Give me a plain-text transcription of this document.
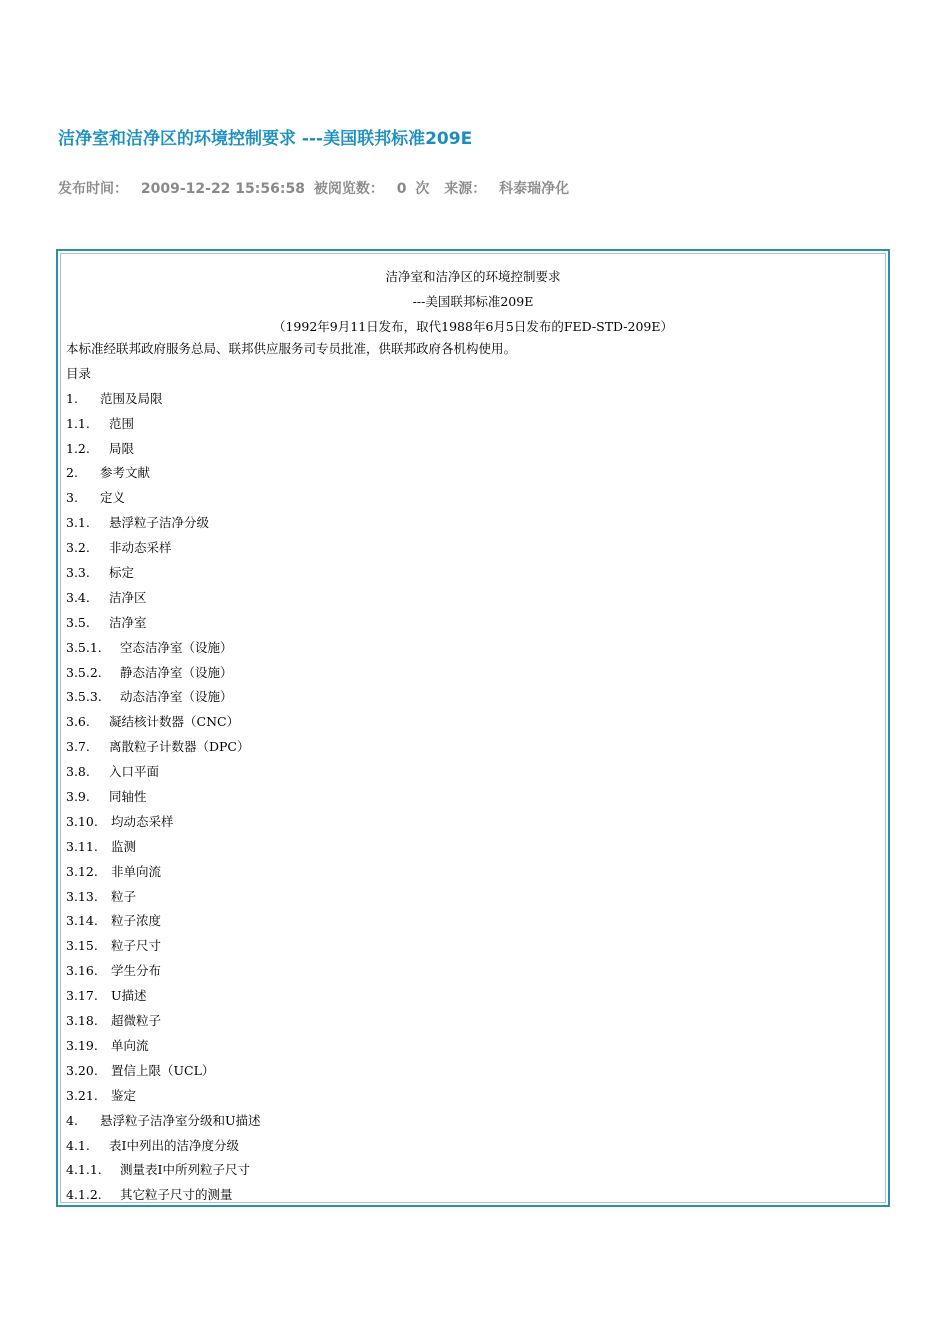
洁净室和洁净区的环境控制要求 ---美国联邦标准209E
发布时间： 2009-12-22 15:56:58 被阅览数： 0 次 来源： 科泰瑞净化
洁净室和洁净区的环境控制要求
---美国联邦标准209E
（1992年9月11日发布，取代1988年6月5日发布的FED-STD-209E）
本标准经联邦政府服务总局、联邦供应服务司专员批准，供联邦政府各机构使用。
目录
1. 范围及局限
1.1. 范围
1.2. 局限
2. 参考文献
3. 定义
3.1. 悬浮粒子洁净分级
3.2. 非动态采样
3.3. 标定
3.4. 洁净区
3.5. 洁净室
3.5.1. 空态洁净室（设施）
3.5.2. 静态洁净室（设施）
3.5.3. 动态洁净室（设施）
3.6. 凝结核计数器（CNC）
3.7. 离散粒子计数器（DPC）
3.8. 入口平面
3.9. 同轴性
3.10. 均动态采样
3.11. 监测
3.12. 非单向流
3.13. 粒子
3.14. 粒子浓度
3.15. 粒子尺寸
3.16. 学生分布
3.17. U描述
3.18. 超微粒子
3.19. 单向流
3.20. 置信上限（UCL）
3.21. 鉴定
4. 悬浮粒子洁净室分级和U描述
4.1. 表I中列出的洁净度分级
4.1.1. 测量表I中所列粒子尺寸
4.1.2. 其它粒子尺寸的测量
